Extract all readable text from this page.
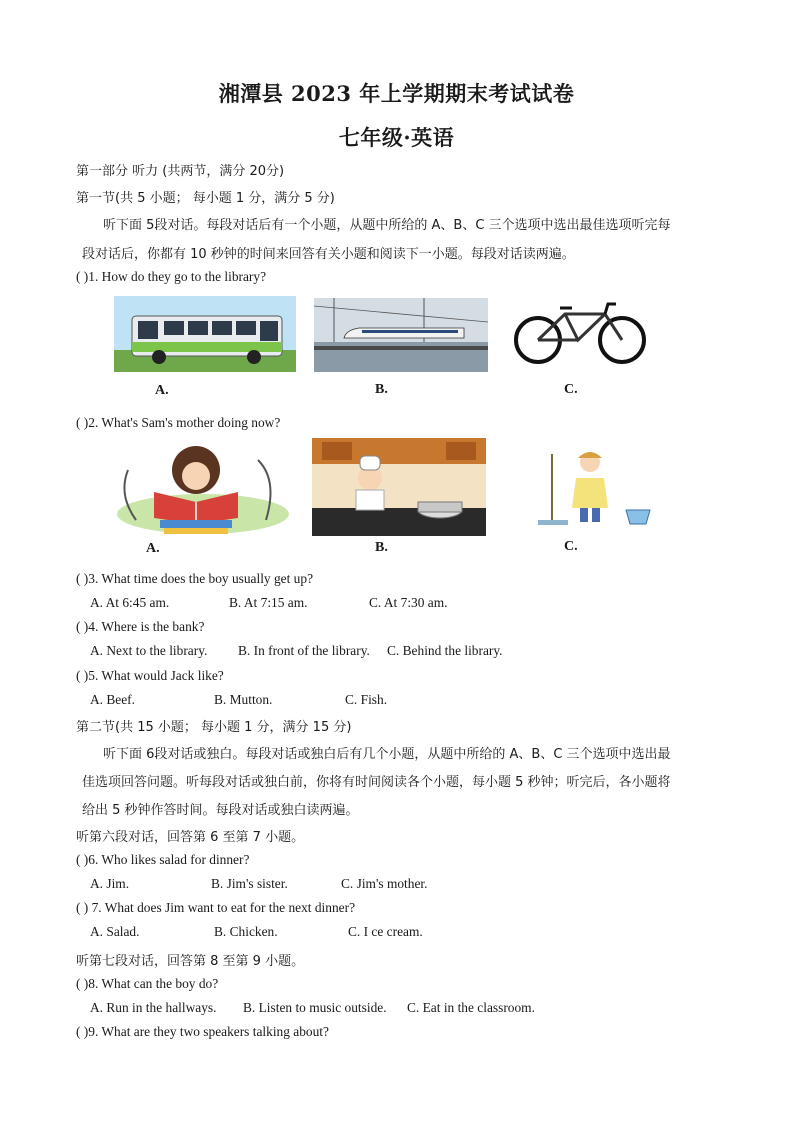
湘潭县 2023 年上学期期末考试试卷
七年级·英语
第一部分 听力 (共两节，满分 20分)
第一节(共 5 小题； 每小题 1 分，满分 5 分)
听下面 5段对话。每段对话后有一个小题，从题中所给的 A、B、C 三个选项中选出最佳选项听完每
段对话后，你都有 10 秒钟的时间来回答有关小题和阅读下一小题。每段对话读两遍。
( )1. How do they go to the library?
A.	B.	C.
( )2. What's Sam's mother doing now?
A.	B.	C.
( )3. What time does the boy usually get up?
A. At 6:45 am.	B. At 7:15 am.	C. At 7:30 am.
( )4. Where is the bank?
A. Next to the library. B. In front of the library. C. Behind the library.
( )5. What would Jack like?
A. Beef.	B. Mutton.	C. Fish.
第二节(共 15 小题； 每小题 1 分，满分 15 分)
听下面 6段对话或独白。每段对话或独白后有几个小题，从题中所给的 A、B、C 三个选项中选出最
佳选项回答问题。听每段对话或独白前，你将有时间阅读各个小题，每小题 5 秒钟；听完后，各小题将
给出 5 秒钟作答时间。每段对话或独白读两遍。
听第六段对话，回答第 6 至第 7 小题。
( )6. Who likes salad for dinner?
A. Jim.	B. Jim's sister.	C. Jim's mother.
( ) 7. What does Jim want to eat for the next dinner?
A. Salad.	B. Chicken.	C. I ce cream.
听第七段对话，回答第 8 至第 9 小题。
( )8. What can the boy do?
A. Run in the hallways. B. Listen to music outside. C. Eat in the classroom.
( )9. What are they two speakers talking about?
